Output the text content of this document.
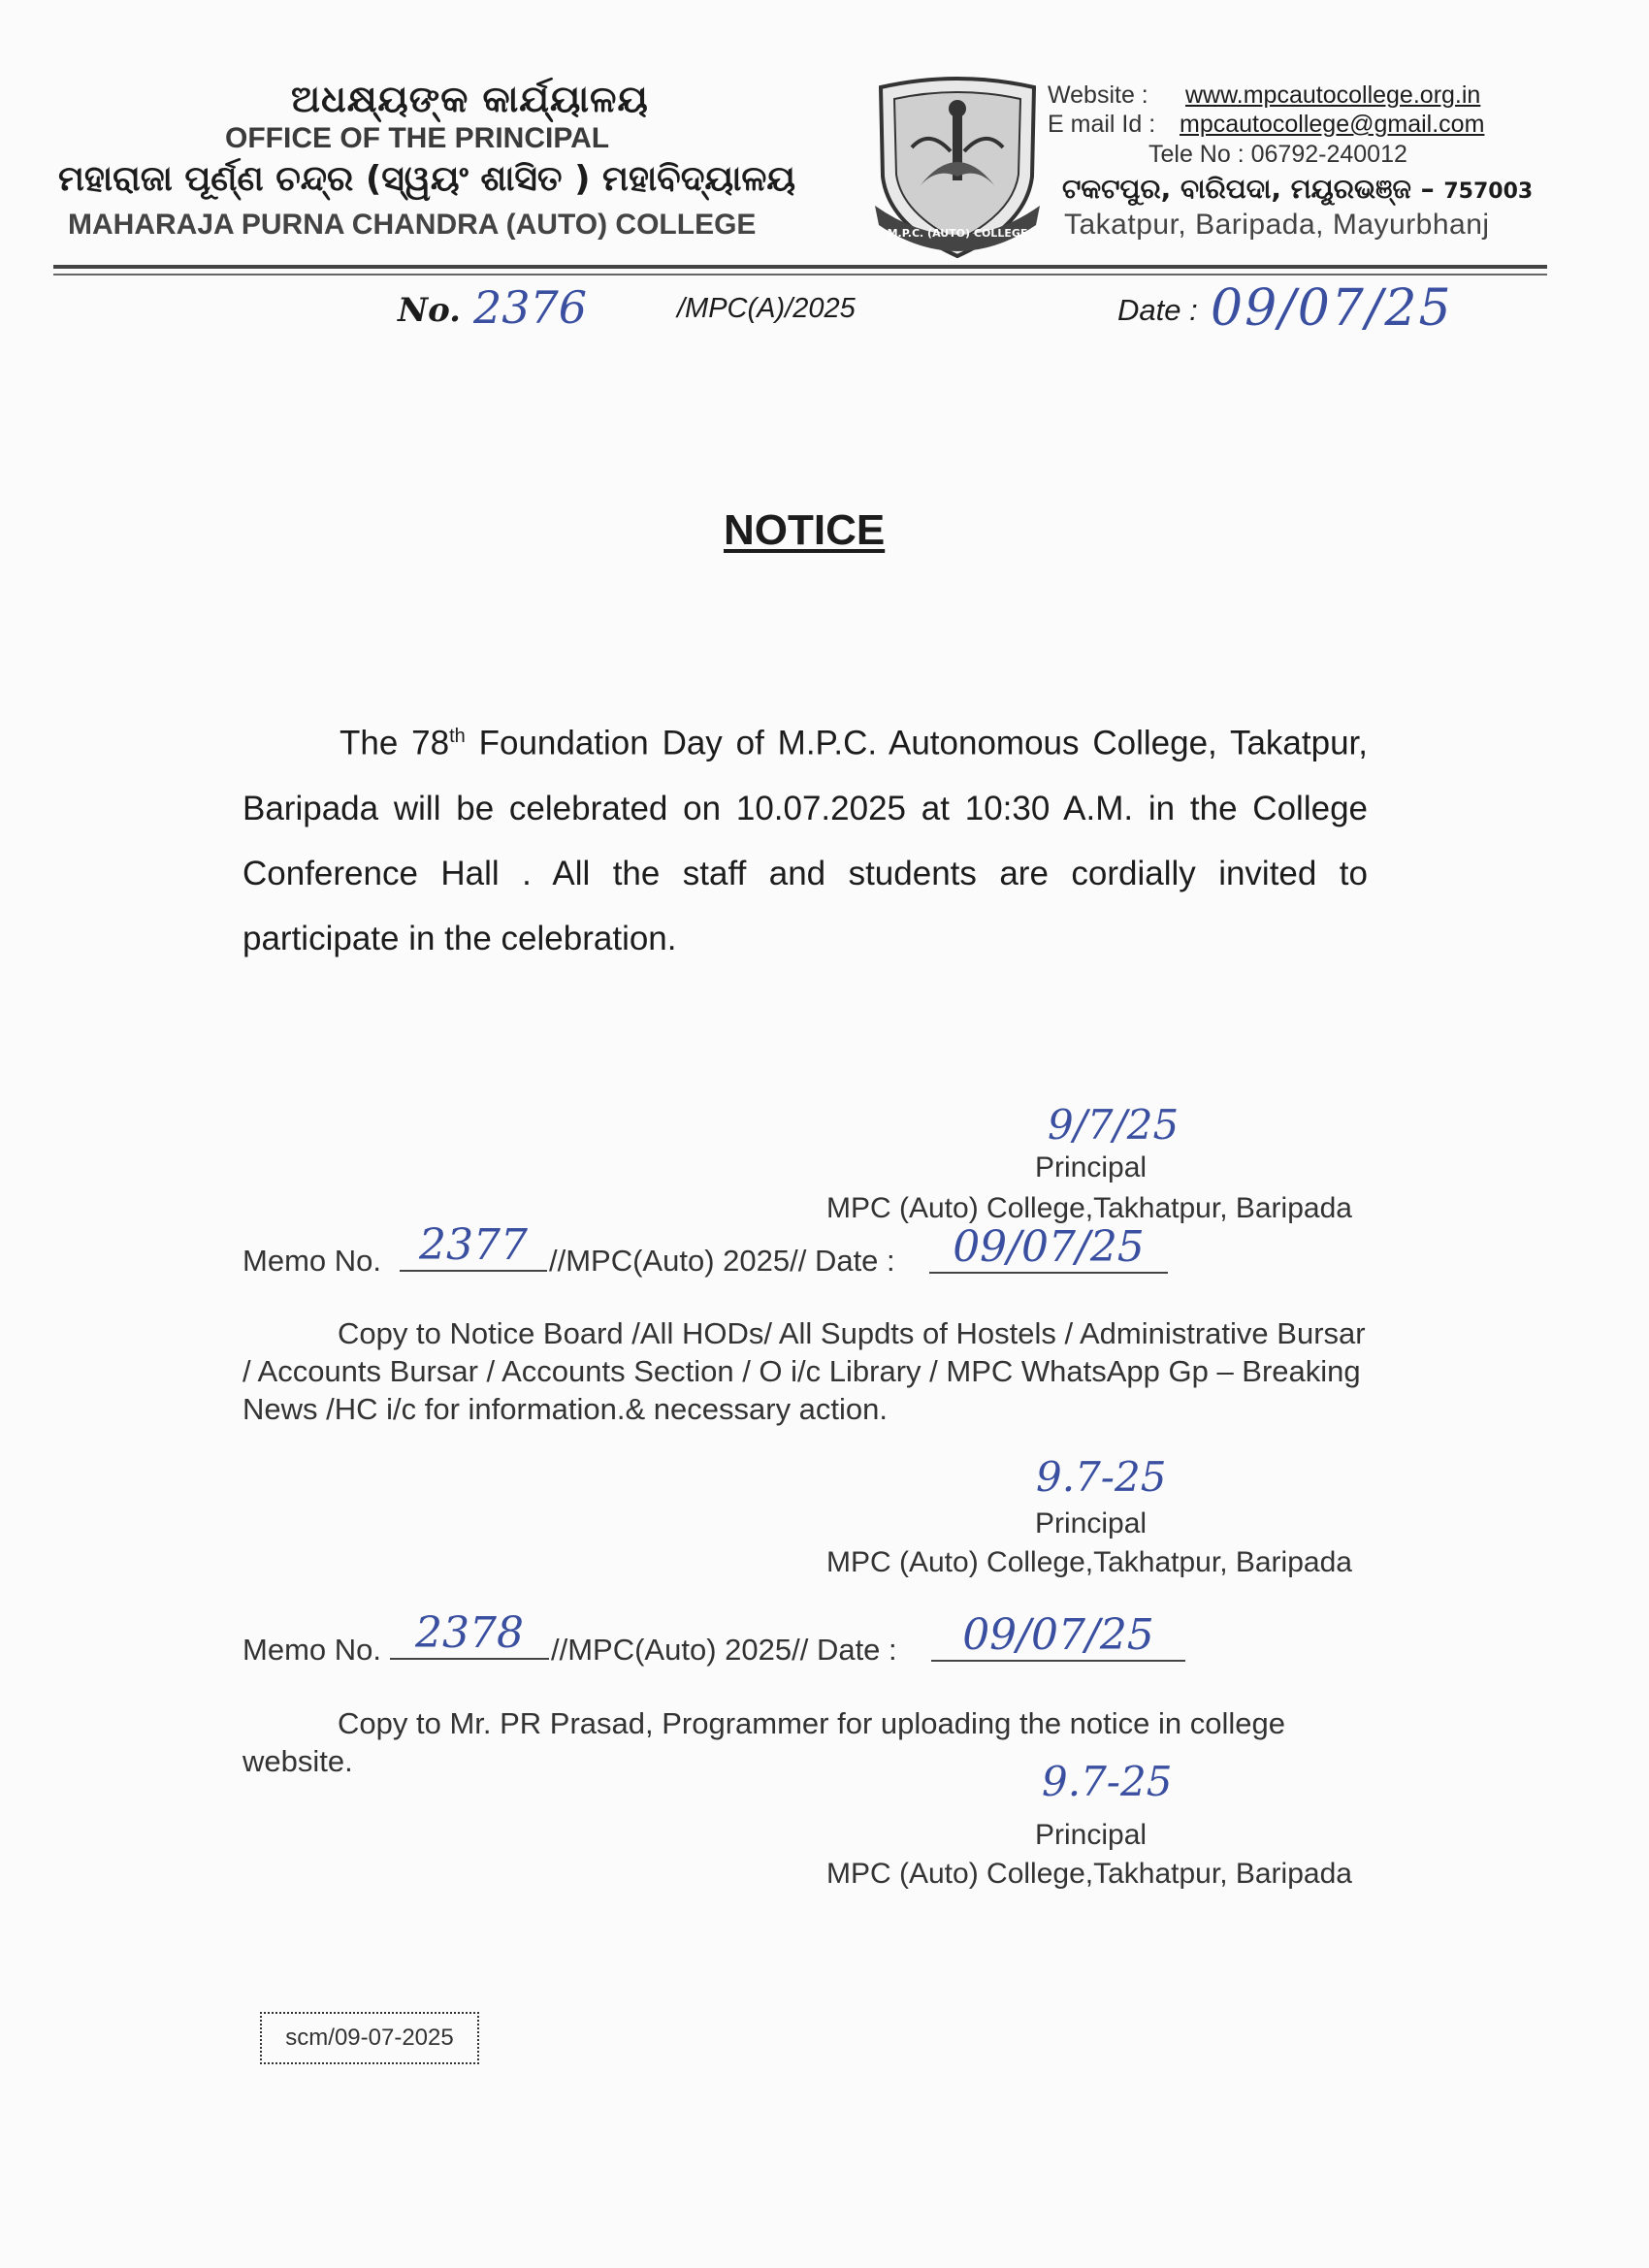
ଅଧକ୍ଷ୍ୟଙ୍କ କାର୍ଯ୍ୟାଳୟ
OFFICE OF THE PRINCIPAL
ମହାରାଜା ପୂର୍ଣ୍ଣ ଚନ୍ଦ୍ର (ସ୍ୱୟଂ ଶାସିତ ) ମହାବିଦ୍ୟାଳୟ
MAHARAJA PURNA CHANDRA (AUTO) COLLEGE	M.P.C. (AUTO) COLLEGE
Website : www.mpcautocollege.org.in
E mail Id : mpcautocollege@gmail.com
Tele No : 06792-240012
ଟକଟପୁର, ବାରିପଦା, ମୟୂରଭଞ୍ଜ – 757003
Takatpur, Baripada, Mayurbhanj
No. 2376	/MPC(A)/2025	Date : 09/07/25
NOTICE

The 78th Foundation Day of M.P.C. Autonomous College, Takatpur, Baripada will be celebrated on 10.07.2025 at 10:30 A.M. in the College Conference Hall . All the staff and students are cordially invited to participate in the celebration.

9/7/25
Principal
MPC (Auto) College,Takhatpur, Baripada
Memo No. 2377 //MPC(Auto) 2025// Date :	09/07/25
Copy to Notice Board /All HODs/ All Supdts of Hostels / Administrative Bursar / Accounts Bursar / Accounts Section / O i/c Library / MPC WhatsApp Gp – Breaking News /HC i/c for information.& necessary action.
9.7-25
Principal
MPC (Auto) College,Takhatpur, Baripada
Memo No. 2378 //MPC(Auto) 2025// Date :	09/07/25
Copy to Mr. PR Prasad, Programmer for uploading the notice in college website.	9.7-25
Principal
MPC (Auto) College,Takhatpur, Baripada
scm/09-07-2025
